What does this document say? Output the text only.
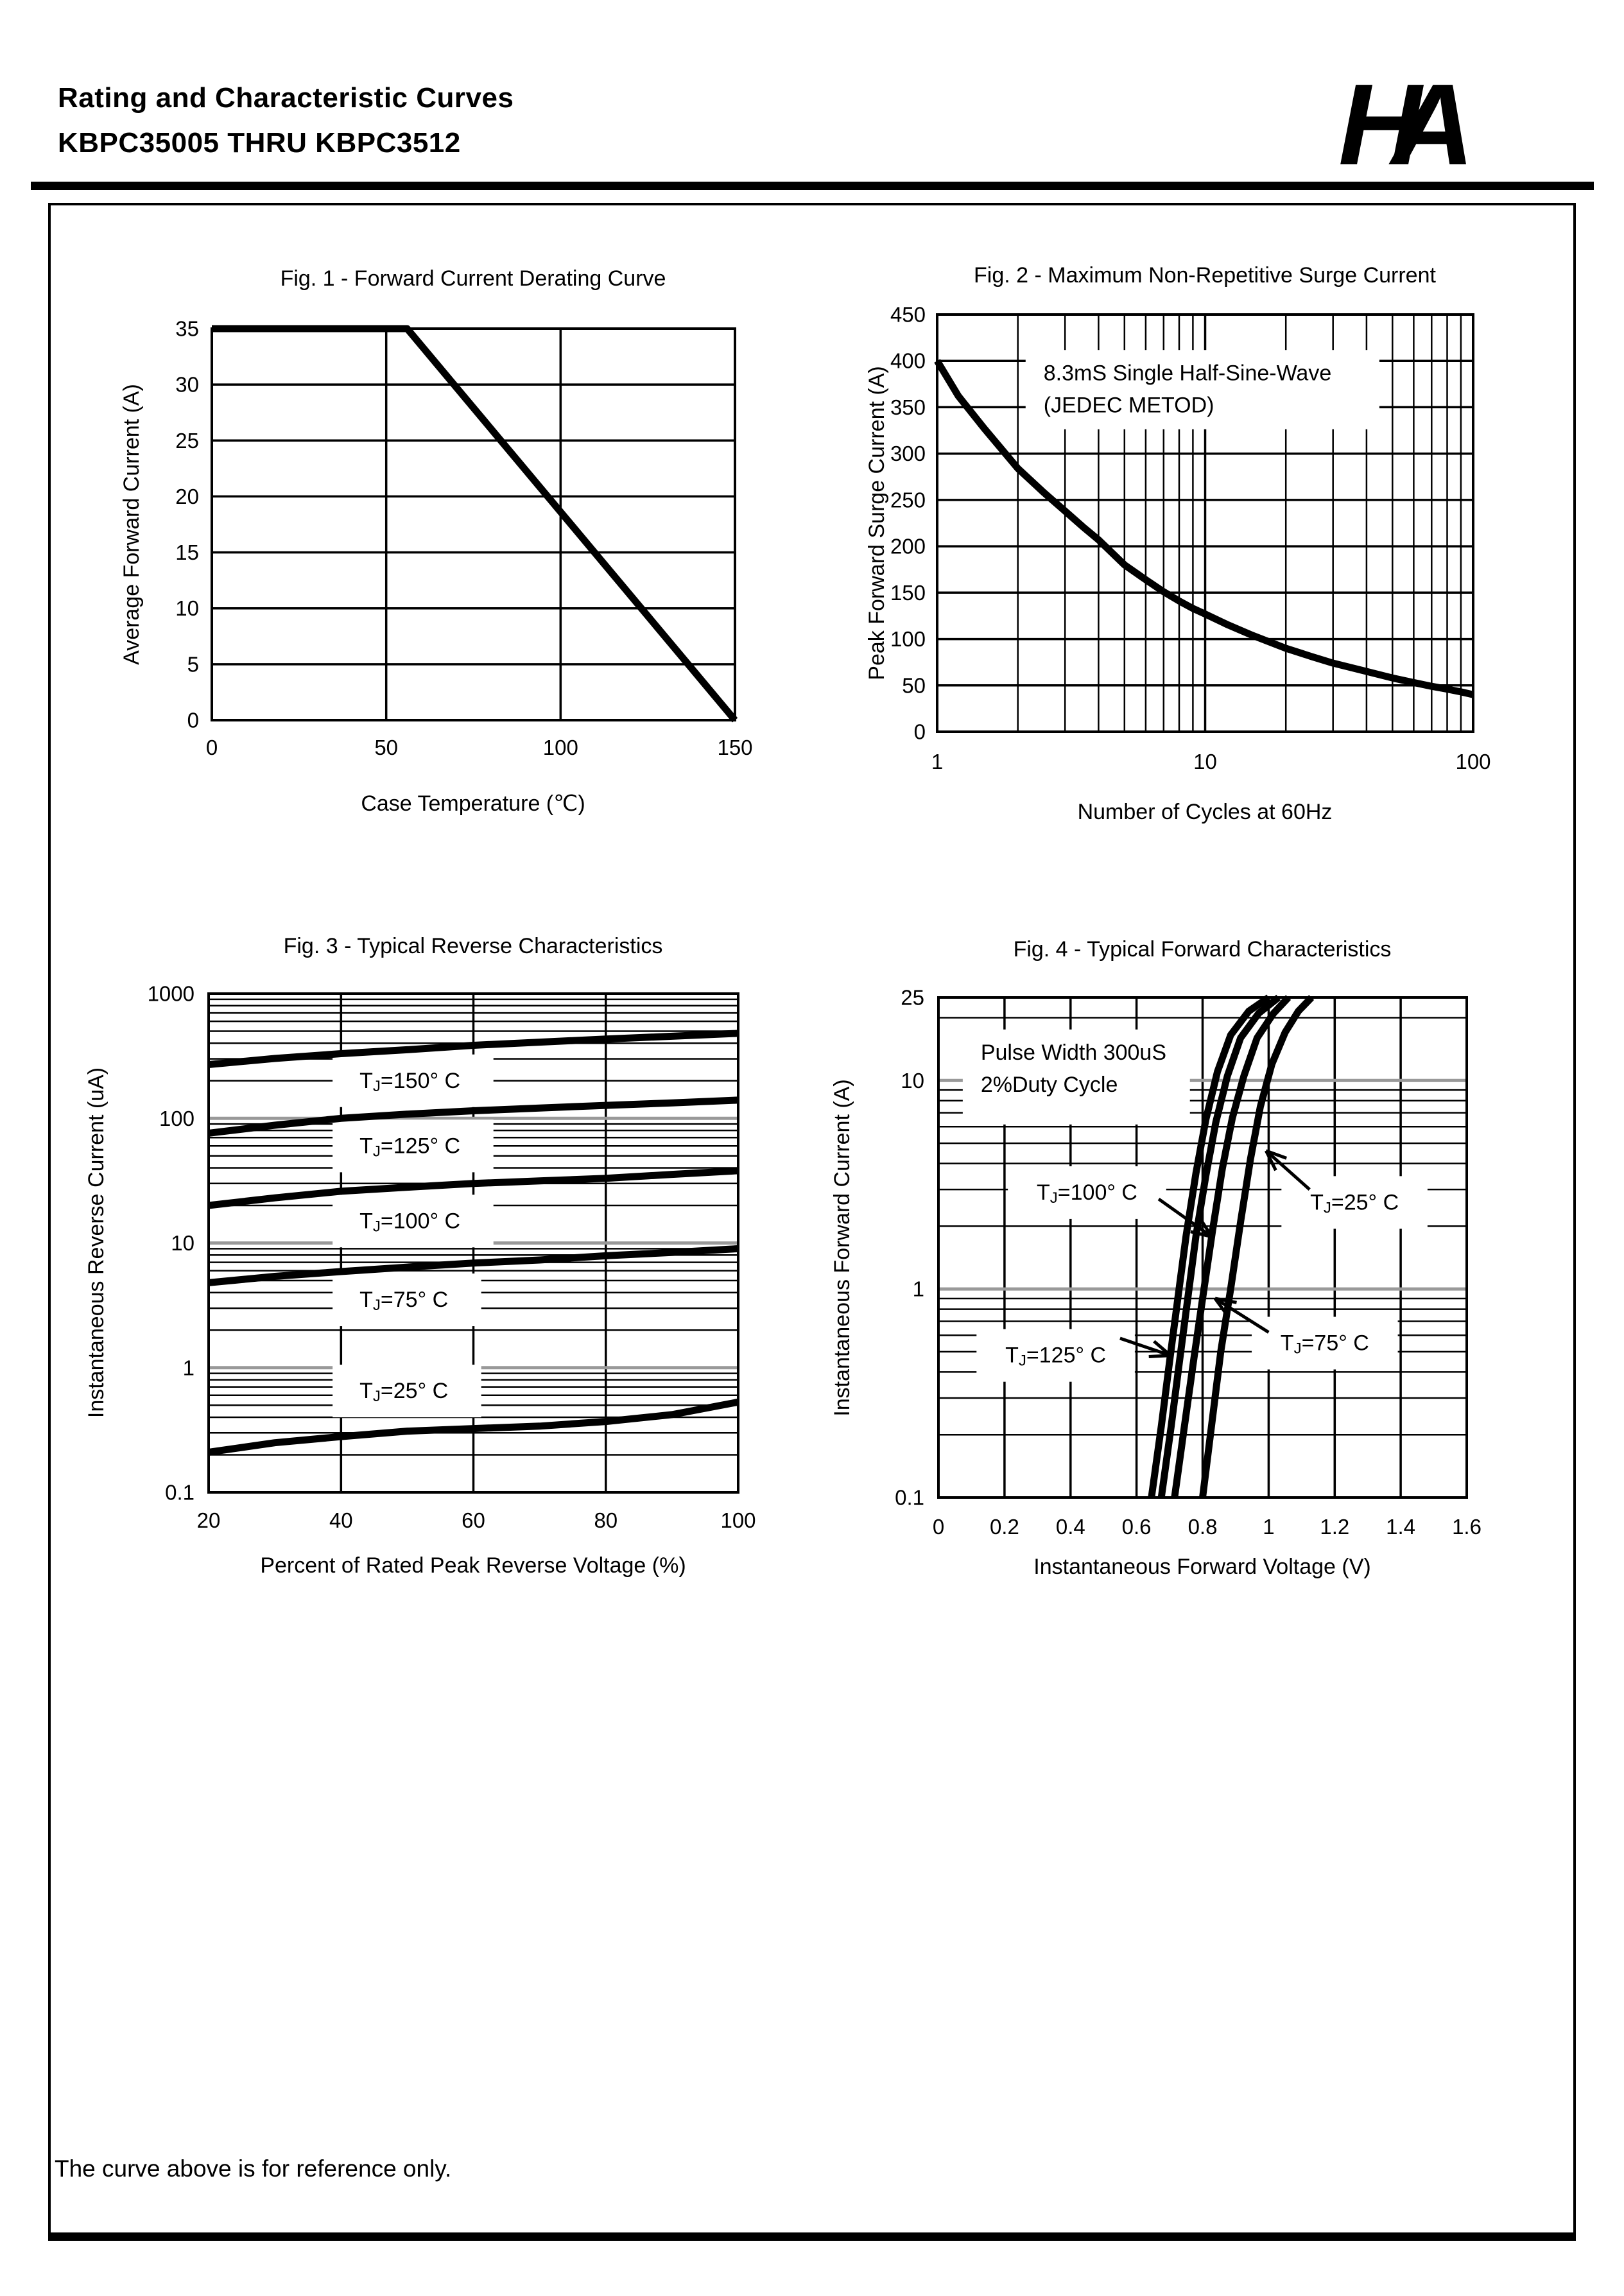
Rating and Characteristic Curves
KBPC35005 THRU KBPC3512	HA
0	50	100	150
0
5
10
15
20
25
30
35
Fig. 1 - Forward Current Derating Curve
Case Temperature (℃)
Average Forward Current (A)
8.3mS Single Half-Sine-Wave
(JEDEC METOD)
1	10	100
0
50
100
150
200
250
300
350
400
450
Fig. 2 - Maximum Non-Repetitive Surge Current
Number of Cycles at 60Hz
Peak Forward Surge Current (A)
$T_J=150^\circ$ C
$T_J=125^\circ$ C
$T_J=100^\circ$ C
$T_J=75^\circ$ C
$T_J=25^\circ$ C
20	40	60	80	100
0.1
1
10
100
1000
Fig. 3 - Typical Reverse Characteristics
Percent of Rated Peak Reverse Voltage (%)
Instantaneous Reverse Current (uA)
Pulse Width 300uS
2%Duty Cycle
$T_J=100^\circ$ C	$T_J=25^\circ$ C
$T_J=125^\circ$ C
$T_J=75^\circ$ C
0 0.2 0.4 0.6 0.8 1 1.2 1.4 1.6
0.1
1
10
25
Fig. 4 - Typical Forward Characteristics
Instantaneous Forward Voltage (V)
Instantaneous Forward Current (A)
The curve above is for reference only.
